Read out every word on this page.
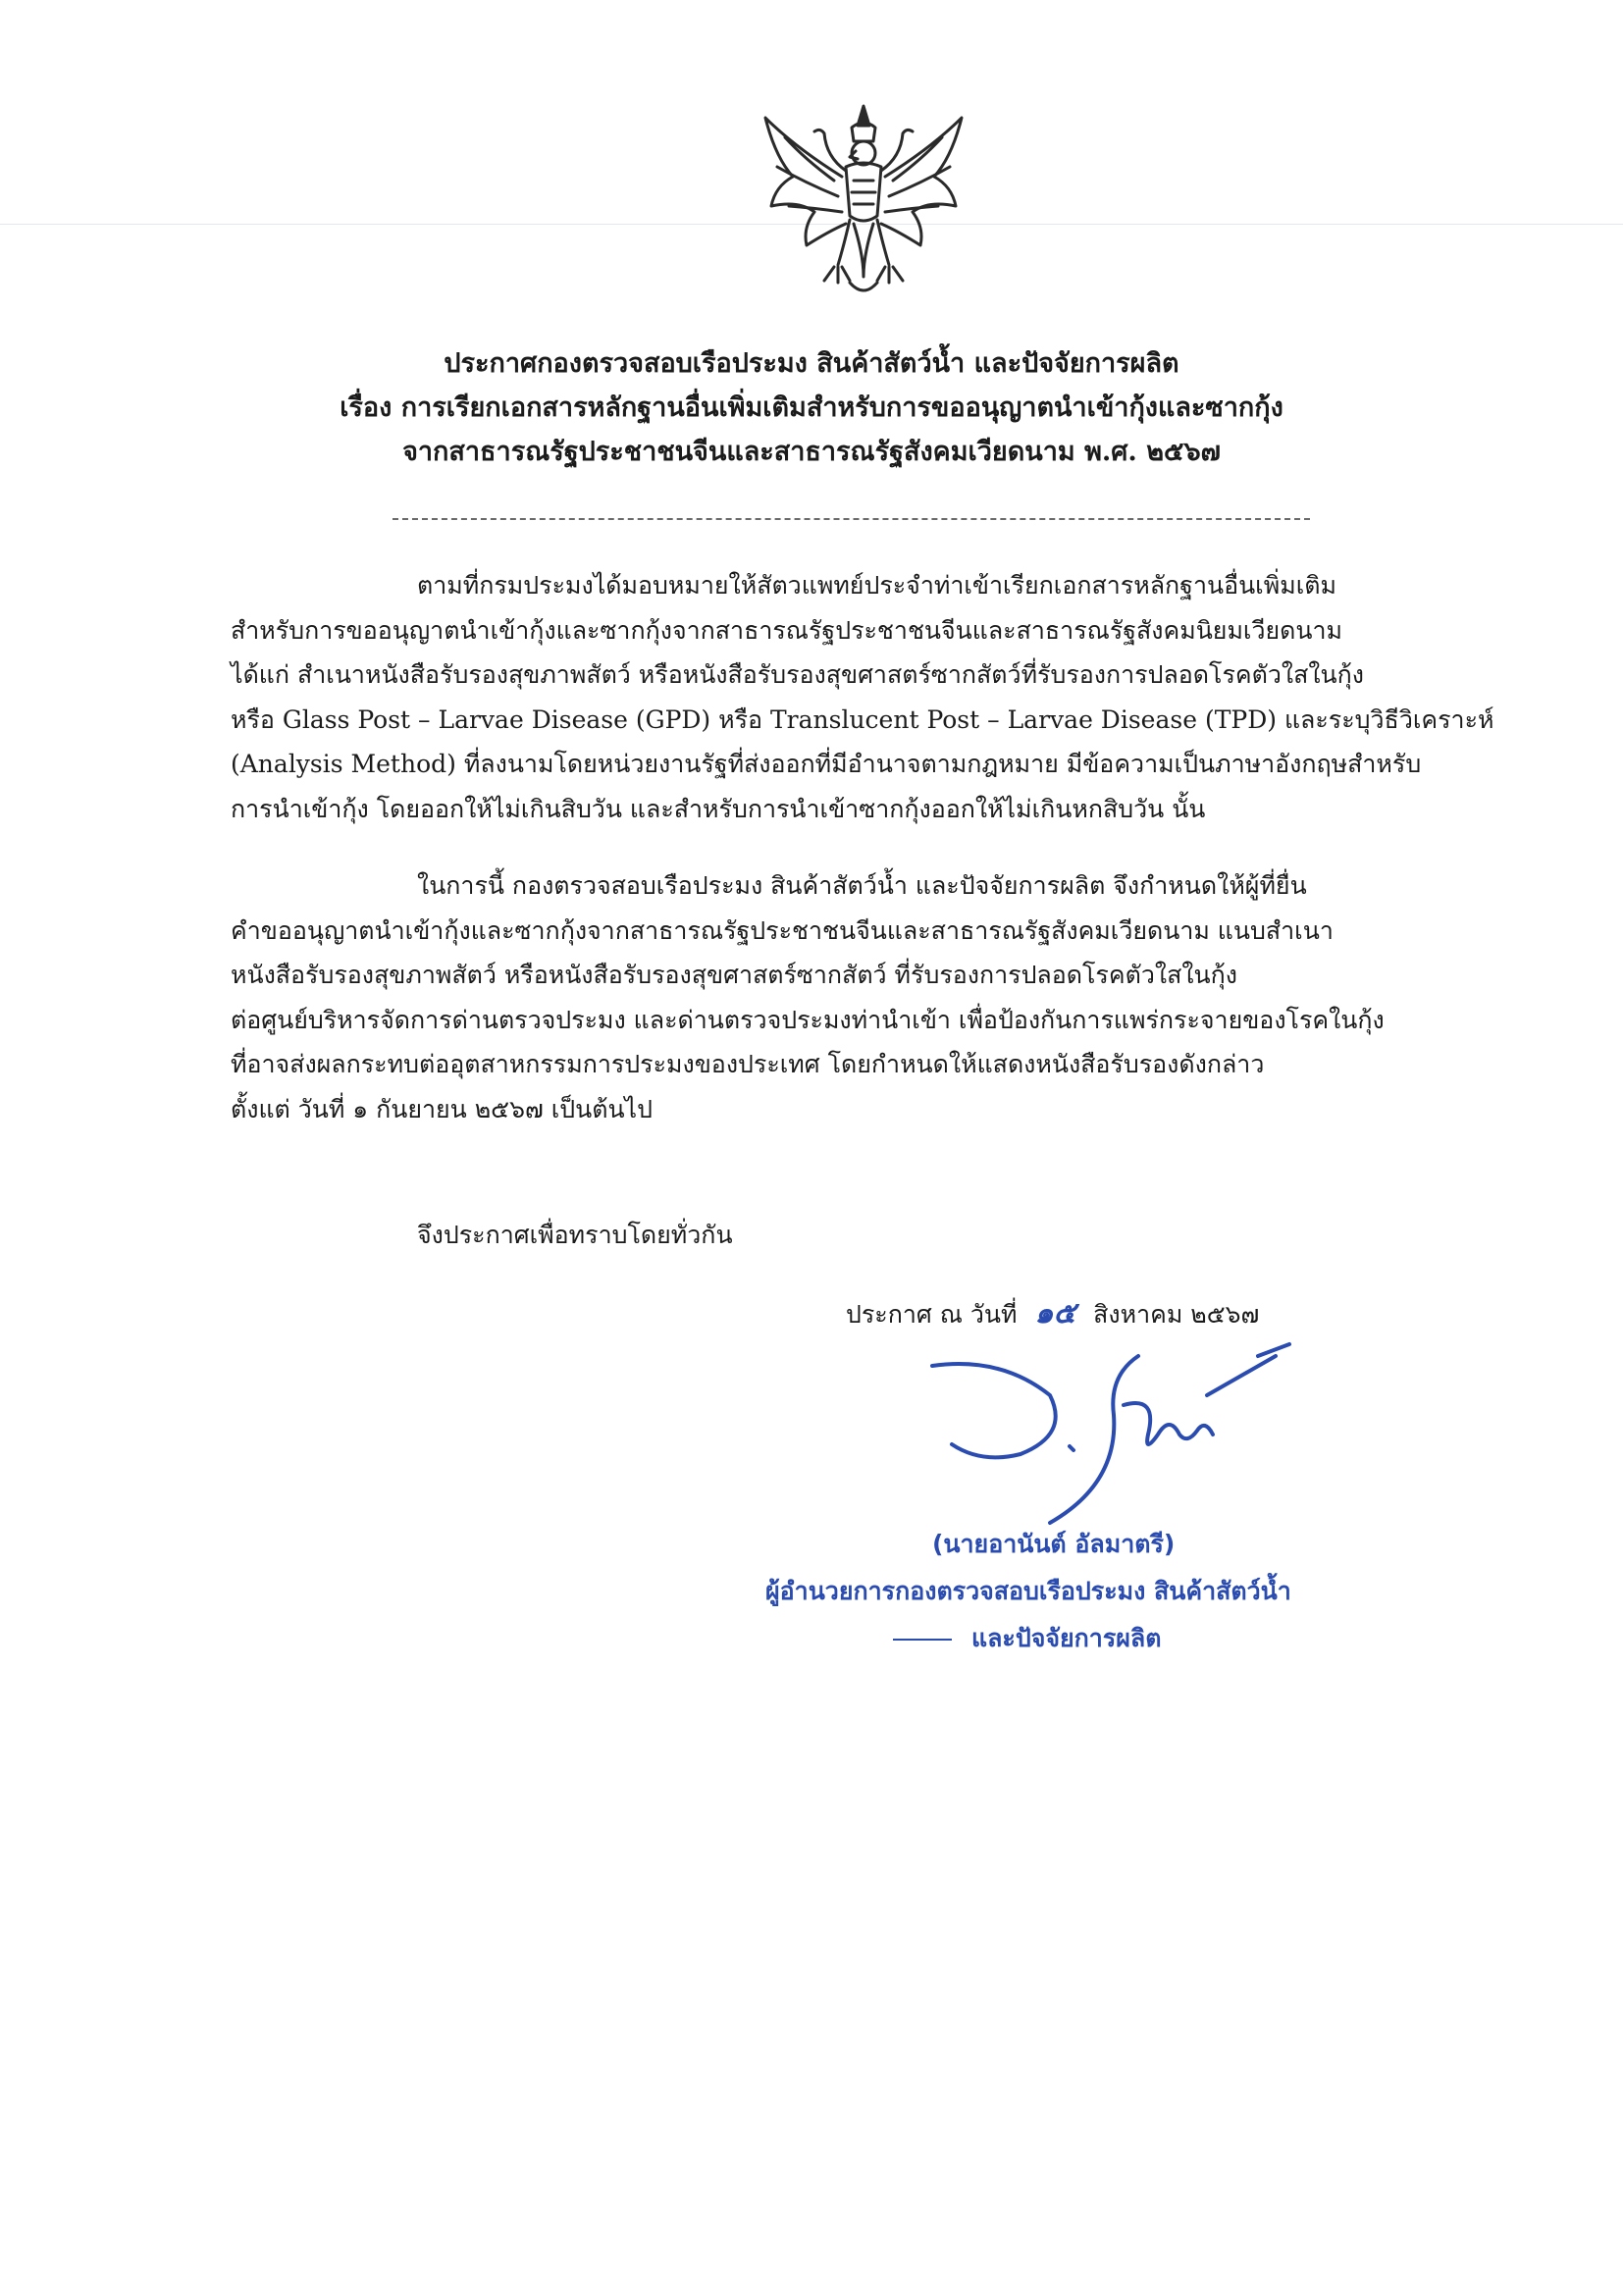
ประกาศกองตรวจสอบเรือประมง สินค้าสัตว์น้ำ และปัจจัยการผลิต
เรื่อง การเรียกเอกสารหลักฐานอื่นเพิ่มเติมสำหรับการขออนุญาตนำเข้ากุ้งและซากกุ้ง
จากสาธารณรัฐประชาชนจีนและสาธารณรัฐสังคมเวียดนาม พ.ศ. ๒๕๖๗

ตามที่กรมประมงได้มอบหมายให้สัตวแพทย์ประจำท่าเข้าเรียกเอกสารหลักฐานอื่นเพิ่มเติม
สำหรับการขออนุญาตนำเข้ากุ้งและซากกุ้งจากสาธารณรัฐประชาชนจีนและสาธารณรัฐสังคมนิยมเวียดนาม
ได้แก่ สำเนาหนังสือรับรองสุขภาพสัตว์ หรือหนังสือรับรองสุขศาสตร์ซากสัตว์ที่รับรองการปลอดโรคตัวใสในกุ้ง
หรือ Glass Post – Larvae Disease (GPD) หรือ Translucent Post – Larvae Disease (TPD) และระบุวิธีวิเคราะห์
(Analysis Method) ที่ลงนามโดยหน่วยงานรัฐที่ส่งออกที่มีอำนาจตามกฎหมาย มีข้อความเป็นภาษาอังกฤษสำหรับ
การนำเข้ากุ้ง โดยออกให้ไม่เกินสิบวัน และสำหรับการนำเข้าซากกุ้งออกให้ไม่เกินหกสิบวัน นั้น

ในการนี้ กองตรวจสอบเรือประมง สินค้าสัตว์น้ำ และปัจจัยการผลิต จึงกำหนดให้ผู้ที่ยื่น
คำขออนุญาตนำเข้ากุ้งและซากกุ้งจากสาธารณรัฐประชาชนจีนและสาธารณรัฐสังคมเวียดนาม แนบสำเนา
หนังสือรับรองสุขภาพสัตว์ หรือหนังสือรับรองสุขศาสตร์ซากสัตว์ ที่รับรองการปลอดโรคตัวใสในกุ้ง
ต่อศูนย์บริหารจัดการด่านตรวจประมง และด่านตรวจประมงท่านำเข้า เพื่อป้องกันการแพร่กระจายของโรคในกุ้ง
ที่อาจส่งผลกระทบต่ออุตสาหกรรมการประมงของประเทศ โดยกำหนดให้แสดงหนังสือรับรองดังกล่าว
ตั้งแต่ วันที่ ๑ กันยายน ๒๕๖๗ เป็นต้นไป

จึงประกาศเพื่อทราบโดยทั่วกัน
ประกาศ ณ วันที่ ๑๕ สิงหาคม ๒๕๖๗
(นายอานันต์ อัลมาตรี)
ผู้อำนวยการกองตรวจสอบเรือประมง สินค้าสัตว์น้ำ
และปัจจัยการผลิต
